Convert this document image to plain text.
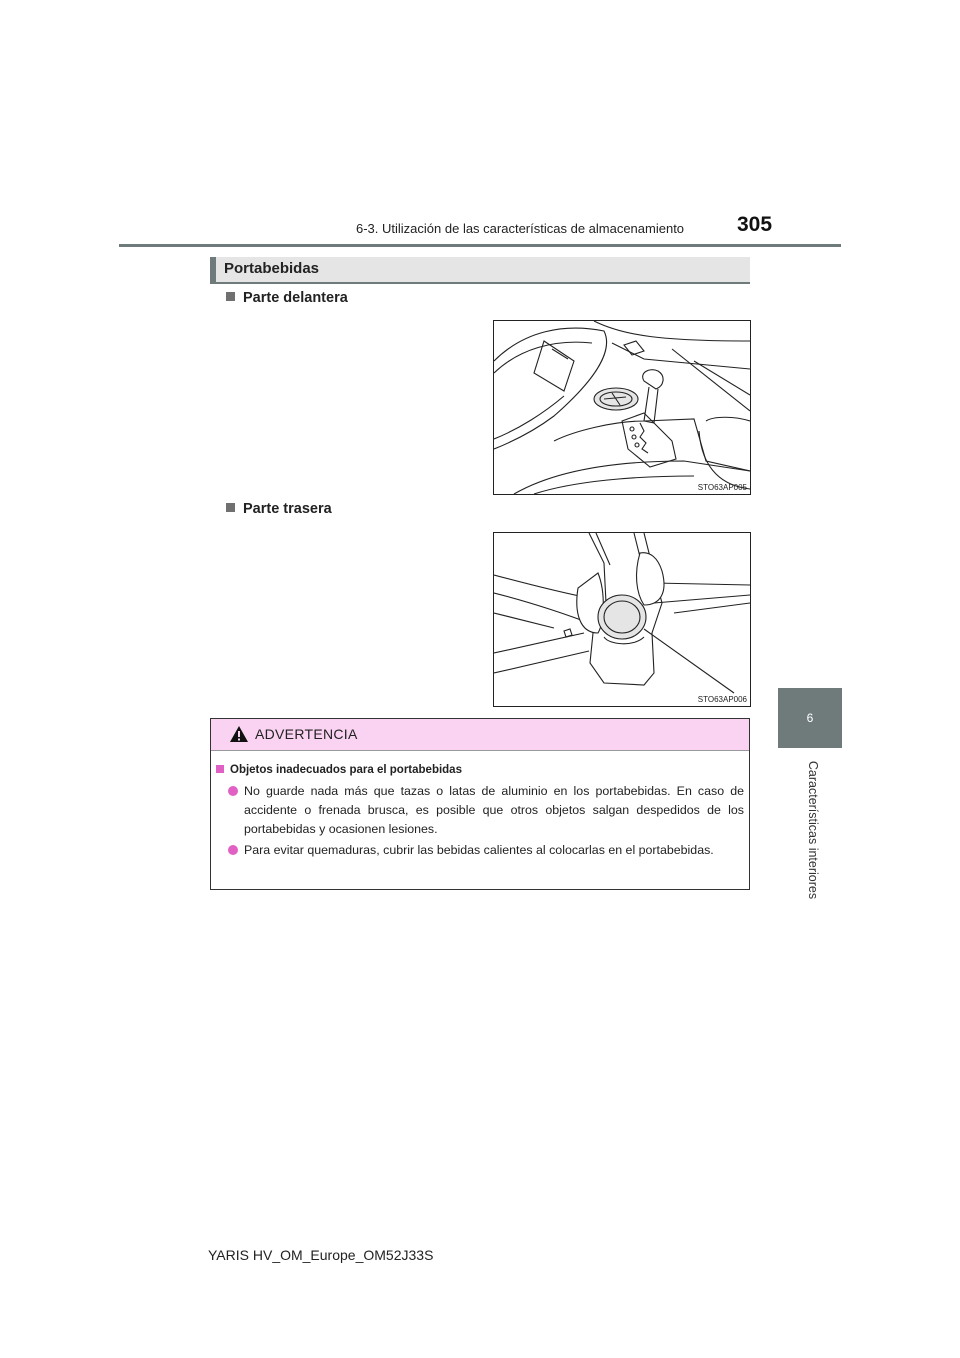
6-3. Utilización de las características de almacenamiento	305
6
Características interiores
Portabebidas
Parte delantera
STO63AP005
Parte trasera
STO63AP006
ADVERTENCIA
Objetos inadecuados para el portabebidas
No guarde nada más que tazas o latas de aluminio en los portabebidas. En caso de accidente o frenada brusca, es posible que otros objetos salgan despedidos de los portabebidas y ocasionen lesiones.
Para evitar quemaduras, cubrir las bebidas calientes al colocarlas en el portabebidas.
YARIS HV_OM_Europe_OM52J33S
